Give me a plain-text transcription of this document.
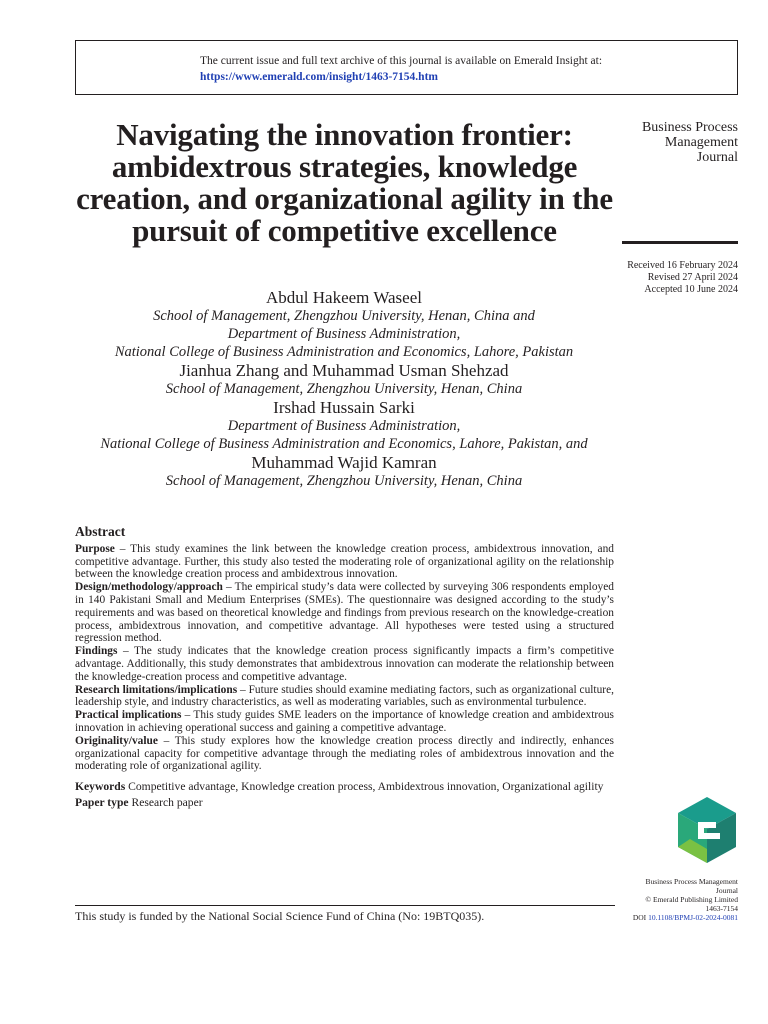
The current issue and full text archive of this journal is available on Emerald Insight at:
https://www.emerald.com/insight/1463-7154.htm
Navigating the innovation frontier: ambidextrous strategies, knowledge creation, and organizational agility in the pursuit of competitive excellence
Business Process
Management
Journal
Received 16 February 2024
Revised 27 April 2024
Accepted 10 June 2024
Abdul Hakeem Waseel
School of Management, Zhengzhou University, Henan, China and
Department of Business Administration,
National College of Business Administration and Economics, Lahore, Pakistan
Jianhua Zhang and Muhammad Usman Shehzad
School of Management, Zhengzhou University, Henan, China
Irshad Hussain Sarki
Department of Business Administration,
National College of Business Administration and Economics, Lahore, Pakistan, and
Muhammad Wajid Kamran
School of Management, Zhengzhou University, Henan, China
Abstract

Purpose – This study examines the link between the knowledge creation process, ambidextrous innovation, and competitive advantage. Further, this study also tested the moderating role of organizational agility on the relationship between the knowledge creation process and ambidextrous innovation.

Design/methodology/approach – The empirical study’s data were collected by surveying 306 respondents employed in 140 Pakistani Small and Medium Enterprises (SMEs). The questionnaire was designed according to the study’s requirements and was based on theoretical knowledge and findings from previous research on the knowledge-creation process, ambidextrous innovation, and competitive advantage. All hypotheses were tested using a structured regression method.

Findings – The study indicates that the knowledge creation process significantly impacts a firm’s competitive advantage. Additionally, this study demonstrates that ambidextrous innovation can moderate the relationship between the knowledge-creation process and competitive advantage.

Research limitations/implications – Future studies should examine mediating factors, such as organizational culture, leadership style, and industry characteristics, as well as moderating variables, such as environmental turbulence.

Practical implications – This study guides SME leaders on the importance of knowledge creation and ambidextrous innovation in achieving operational success and gaining a competitive advantage.

Originality/value – This study explores how the knowledge creation process directly and indirectly, enhances organizational capacity for competitive advantage through the mediating roles of ambidextrous innovation and the moderating role of organizational agility.

Keywords Competitive advantage, Knowledge creation process, Ambidextrous innovation, Organizational agility

Paper type Research paper

Business Process Management
Journal
© Emerald Publishing Limited
1463-7154
DOI 10.1108/BPMJ-02-2024-0081
This study is funded by the National Social Science Fund of China (No: 19BTQ035).
